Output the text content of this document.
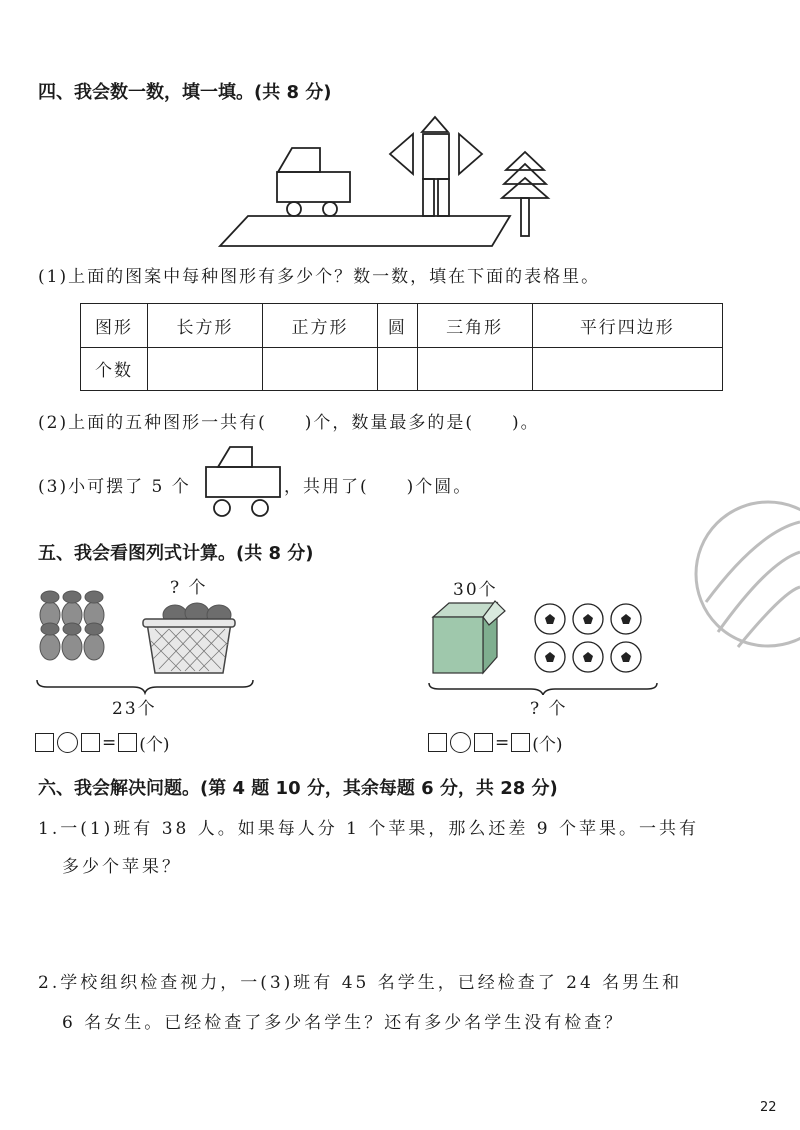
四、我会数一数，填一填。(共 8 分)
(1)上面的图案中每种图形有多少个？数一数，填在下面的表格里。
图形	长方形	正方形	圆	三角形	平行四边形
个数					
(2)上面的五种图形一共有(　　)个，数量最多的是(　　)。
(3)小可摆了 5 个	，共用了(　　)个圆。
五、我会看图列式计算。(共 8 分)
? 个
23个
= (个)
30个
? 个
= (个)
六、我会解决问题。(第 4 题 10 分，其余每题 6 分，共 28 分)
1.一(1)班有 38 人。如果每人分 1 个苹果，那么还差 9 个苹果。一共有
多少个苹果？
2.学校组织检查视力，一(3)班有 45 名学生，已经检查了 24 名男生和
6 名女生。已经检查了多少名学生？还有多少名学生没有检查？
22
